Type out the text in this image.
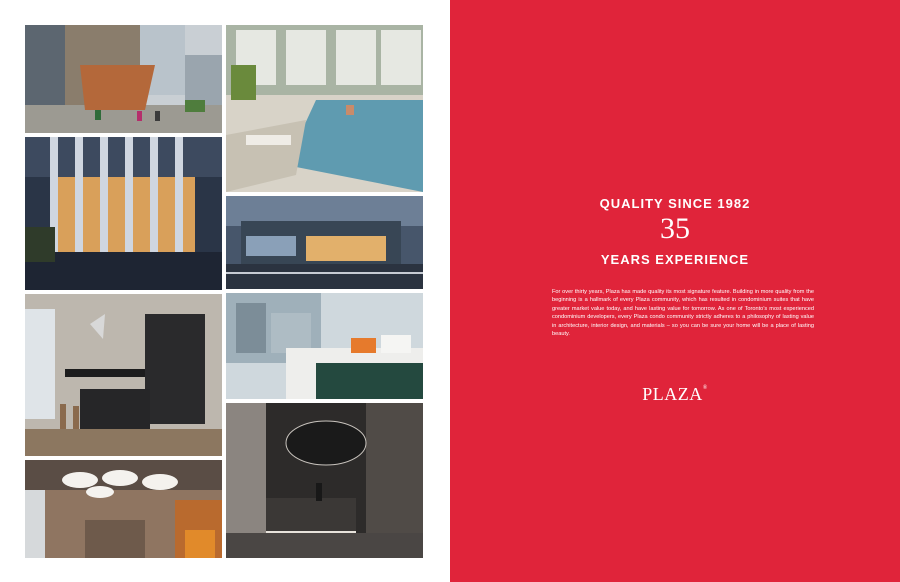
QUALITY SINCE 1982
35
YEARS EXPERIENCE
For over thirty years, Plaza has made quality its most signature feature. Building in more quality from the beginning is a hallmark of every Plaza community, which has resulted in condominium suites that have greater market value today, and have lasting value for tomorrow. As one of Toronto’s most experienced condominium developers, every Plaza condo community strictly adheres to a philosophy of lasting value in architecture, interior design, and materials – so you can be sure your home will be a place of lasting beauty.
PLAZA®
